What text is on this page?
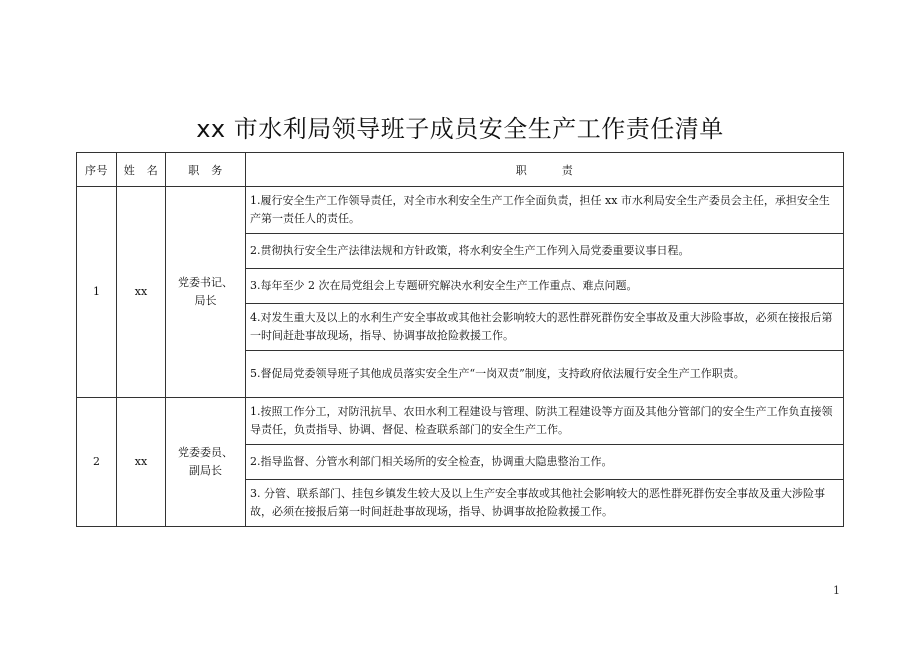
xx 市水利局领导班子成员安全生产工作责任清单
序号	姓　名	职　务	职　　　责
1	xx	党委书记、局长	1.履行安全生产工作领导责任，对全市水利安全生产工作全面负责，担任 xx 市水利局安全生产委员会主任，承担安全生产第一责任人的责任。
			2.贯彻执行安全生产法律法规和方针政策，将水利安全生产工作列入局党委重要议事日程。
			3.每年至少 2 次在局党组会上专题研究解决水利安全生产工作重点、难点问题。
			4.对发生重大及以上的水利生产安全事故或其他社会影响较大的恶性群死群伤安全事故及重大涉险事故，必须在接报后第一时间赶赴事故现场，指导、协调事故抢险救援工作。
			5.督促局党委领导班子其他成员落实安全生产“一岗双责”制度，支持政府依法履行安全生产工作职责。
2	xx	党委委员、副局长	1.按照工作分工，对防汛抗旱、农田水利工程建设与管理、防洪工程建设等方面及其他分管部门的安全生产工作负直接领导责任，负责指导、协调、督促、检查联系部门的安全生产工作。
			2.指导监督、分管水利部门相关场所的安全检查，协调重大隐患整治工作。
			3. 分管、联系部门、挂包乡镇发生较大及以上生产安全事故或其他社会影响较大的恶性群死群伤安全事故及重大涉险事故，必须在接报后第一时间赶赴事故现场，指导、协调事故抢险救援工作。
1
